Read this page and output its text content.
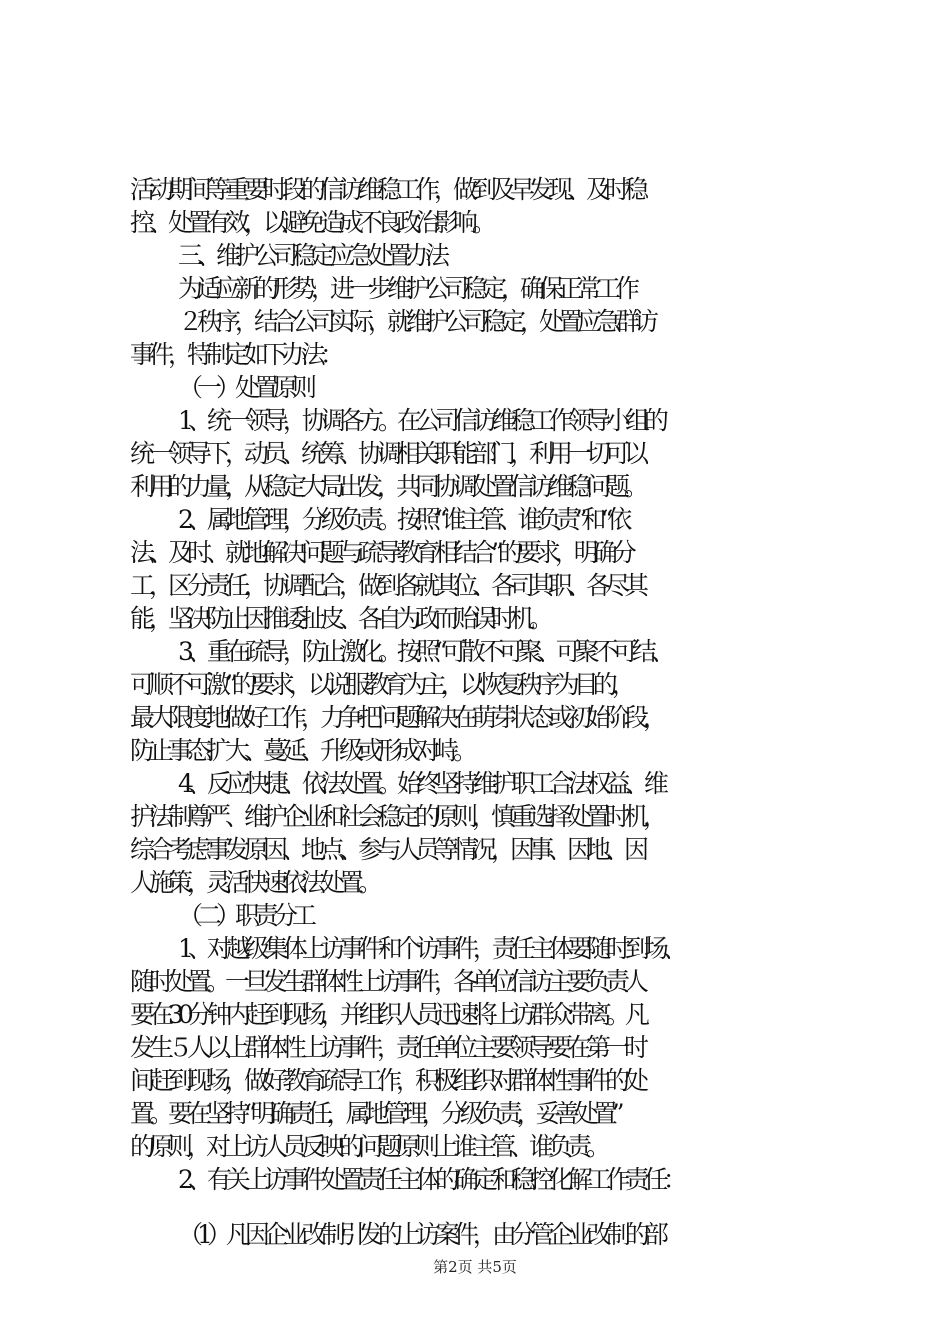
活动期间等重要时段的信访维稳工作，做到及早发现、及时稳
控、处置有效，以避免造成不良政治影响。
三、维护公司稳定应急处置办法
为适应新的形势，进一步维护公司稳定，确保正常工作
２秩序，结合公司实际，就维护公司稳定，处置应急群访
事件，特制定如下办法：
（一）处置原则
1、统一领导，协调各方。在公司信访维稳工作领导小组的
统一领导下，动员、统筹、协调相关职能部门，利用一切可以
利用的力量，从稳定大局出发，共同协调处置信访维稳问题。
2、属地管理，分级负责。按照“谁主管、谁负责”和“依
法、及时、就地解决问题与疏导教育相结合”的要求，明确分
工，区分责任，协调配合，做到各就其位、各司其职、各尽其
能，坚决防止因推诿扯皮、各自为政而贻误时机。
3、重在疏导，防止激化。按照“可散不可聚、可聚不可结、
可顺不可激”的要求，以说服教育为主，以恢复秩序为目的，
最大限度地做好工作，力争把问题解决在萌芽状态或初始阶段，
防止事态扩大、蔓延、升级或形成对峙。
4、反应快捷、依法处置。始终坚持维护职工合法权益、维
护法制尊严、维护企业和社会稳定的原则，慎重选择处置时机，
综合考虑事发原因、地点、参与人员等情况，因事、因地、因
人施策，灵活快速依法处置。
（二）职责分工
1、对越级集体上访事件和个访事件，责任主体要随时到场、
随时处置。一旦发生群体性上访事件，各单位信访主要负责人
要在30分钟内赶到现场，并组织人员迅速将上访群众带离。凡
发生５人以上群体性上访事件，责任单位主要领导要在第一时
间赶到现场，做好教育疏导工作，积极组织对群体性事件的处
置。要在坚持“明确责任，属地管理，分级负责，妥善处置”
的原则，对上访人员反映的问题原则上谁主管、谁负责。
2、有关上访事件处置责任主体的确定和稳控化解工作责任：
（1）凡因企业改制引发的上访案件，由分管企业改制的部
第2页 共5页
